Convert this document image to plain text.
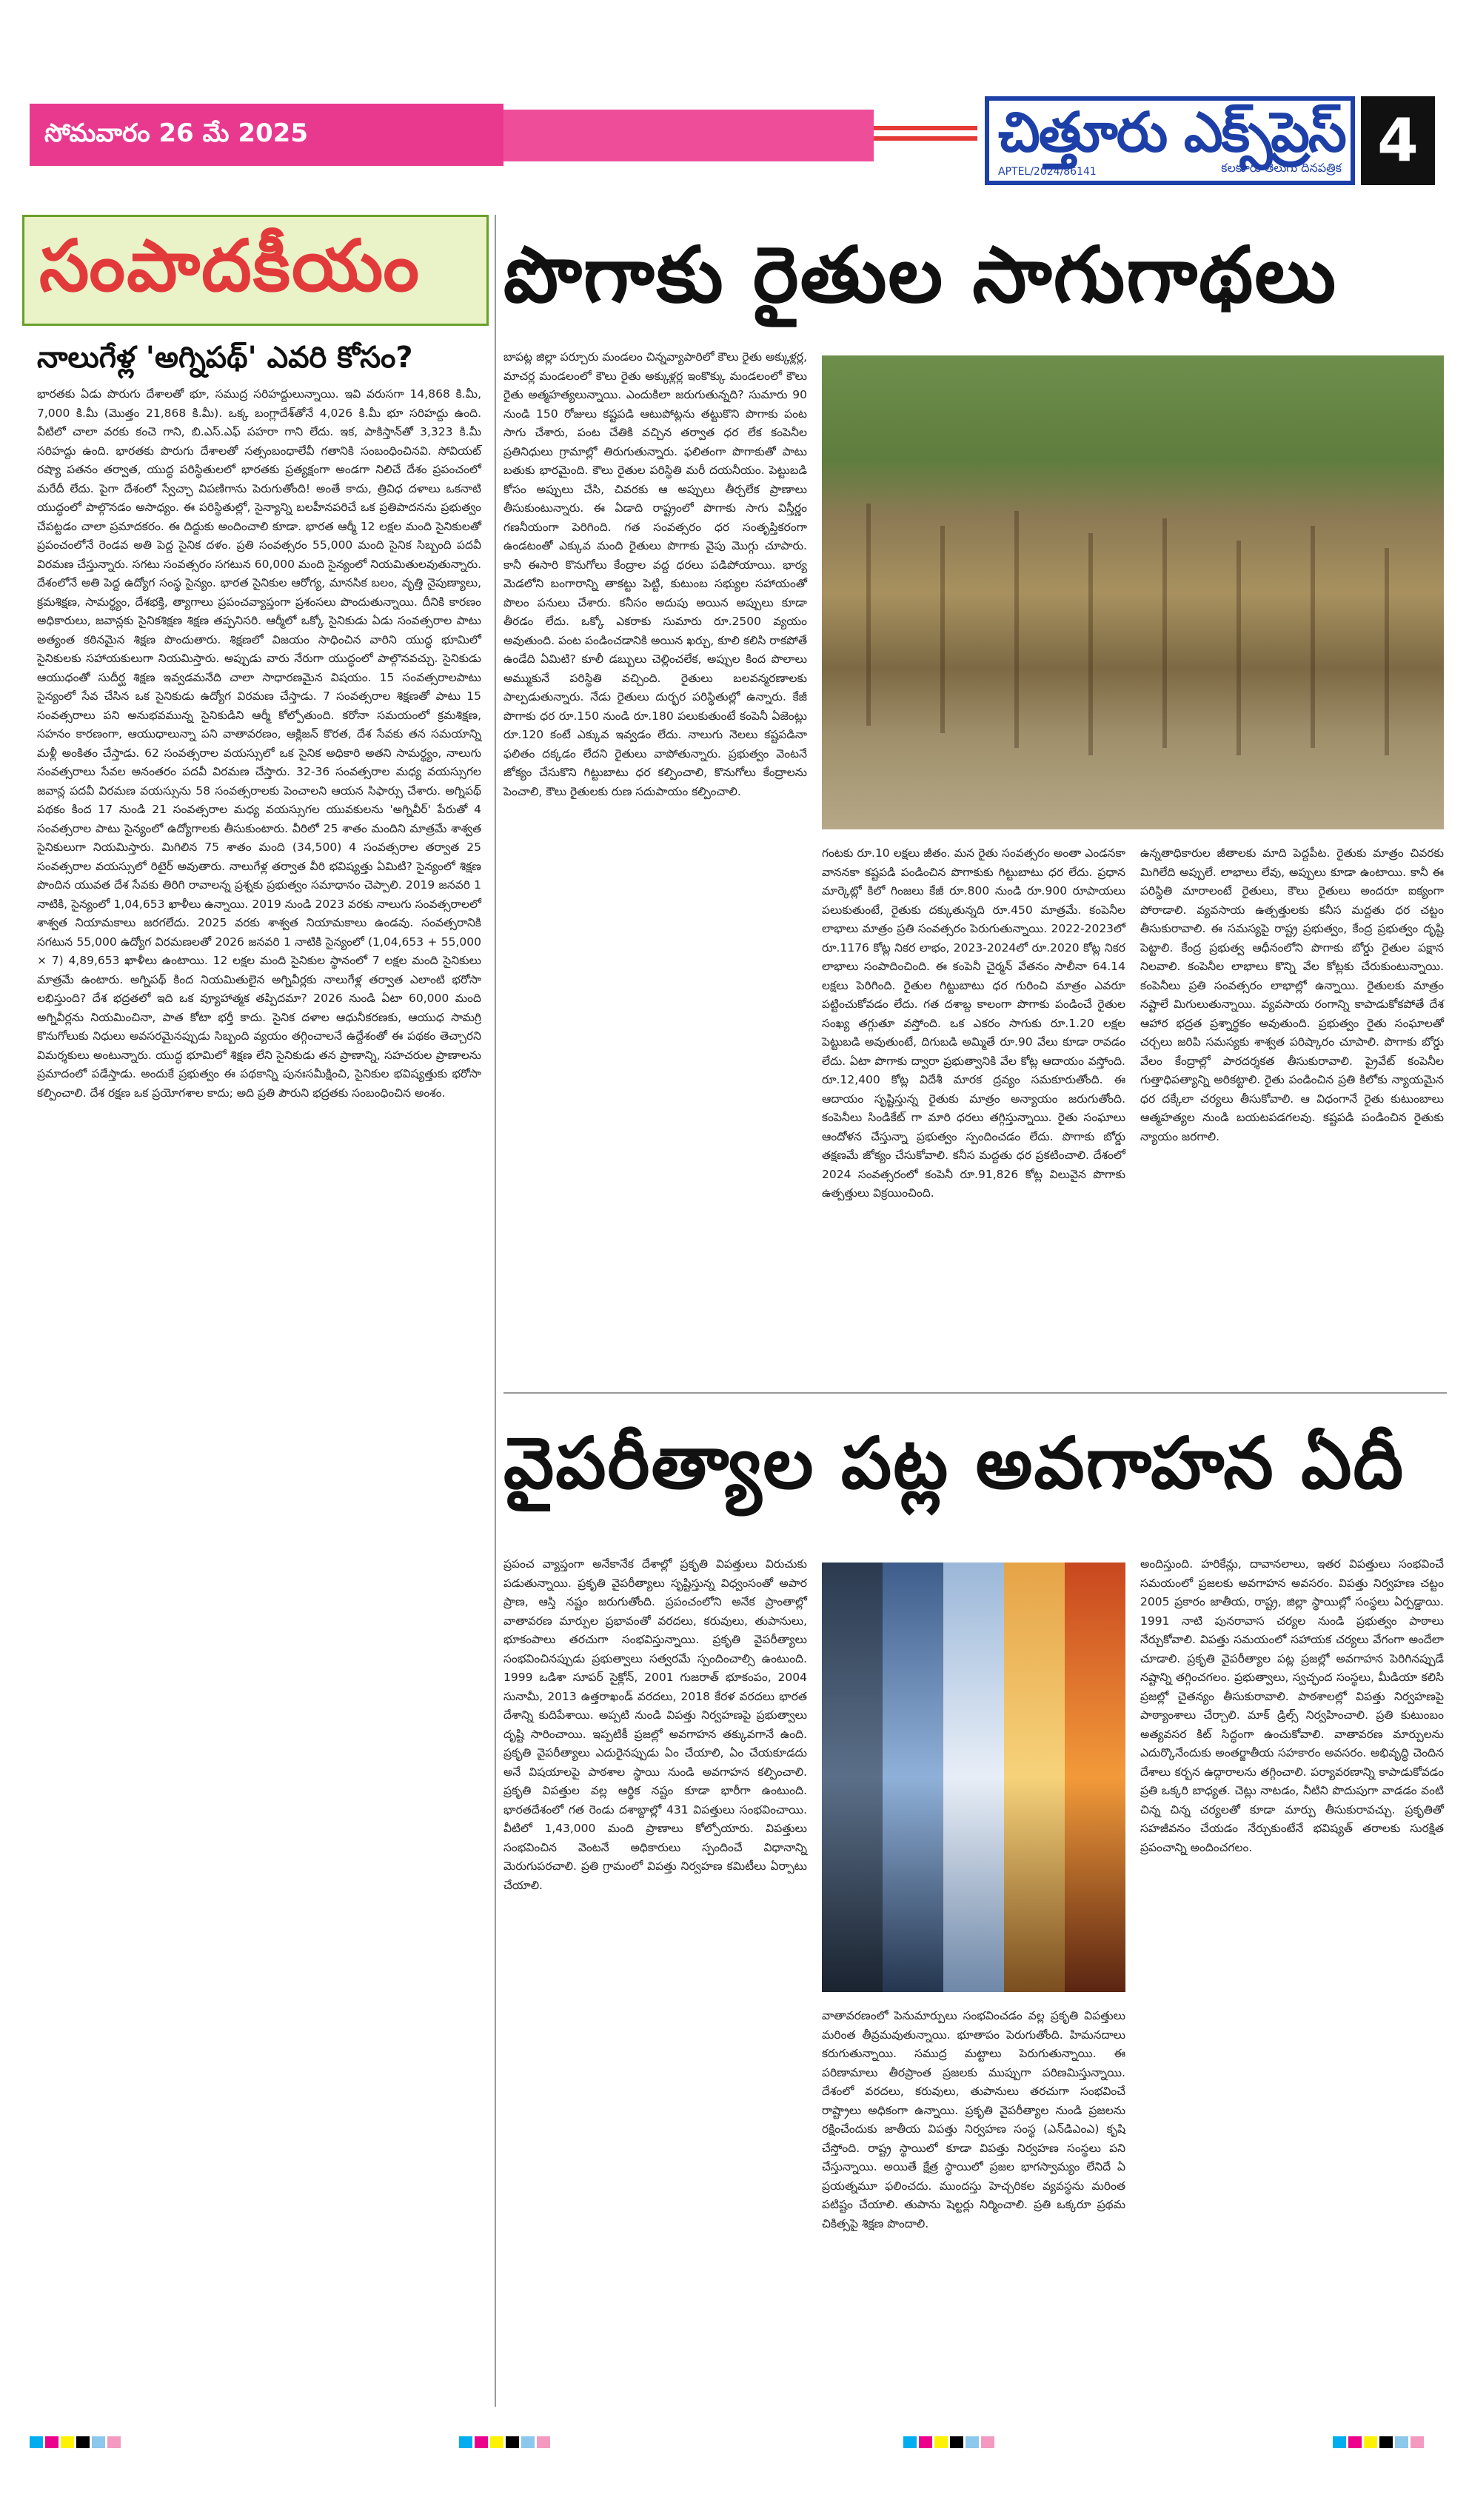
సోమవారం 26 మే 2025	చిత్తూరు ఎక్స్‌ప్రెస్
APTEL/2024/86141	కలకూరు తెలుగు దినపత్రిక 4
సంపాదకీయం
నాలుగేళ్ల 'అగ్నిపథ్' ఎవరి కోసం?
భారతకు ఏడు పొరుగు దేశాలతో భూ, సముద్ర సరిహద్దులున్నాయి. ఇవి వరుసగా 14,868 కి.మీ, 7,000 కి.మీ (మొత్తం 21,868 కి.మీ). ఒక్క బంగ్లాదేశ్‌తోనే 4,026 కి.మీ భూ సరిహద్దు ఉంది. వీటిలో చాలా వరకు కంచె గాని, బి.ఎస్.ఎఫ్ పహరా గాని లేదు. ఇక, పాకిస్తాన్‌తో 3,323 కి.మీ సరిహద్దు ఉంది. భారతకు పొరుగు దేశాలతో సత్సంబంధాలేవీ గతానికి సంబంధించినవి. సోవియట్ రష్యా పతనం తర్వాత, యుద్ధ పరిస్థితులలో భారతకు ప్రత్యక్షంగా అండగా నిలిచే దేశం ప్రపంచంలో మరేదీ లేదు. పైగా దేశంలో స్వేచ్ఛా విపణిగాను పెరుగుతోంది! అంతే కాదు, త్రివిధ దళాలు ఒకనాటి యుద్ధంలో పాల్గొనడం అసాధ్యం. ఈ పరిస్థితుల్లో, సైన్యాన్ని బలహీనపరిచే ఒక ప్రతిపాదనను ప్రభుత్వం చేపట్టడం చాలా ప్రమాదకరం. ఈ దిద్దుకు అందించాలి కూడా. భారత ఆర్మీ 12 లక్షల మంది సైనికులతో ప్రపంచంలోనే రెండవ అతి పెద్ద సైనిక దళం. ప్రతి సంవత్సరం 55,000 మంది సైనిక సిబ్బంది పదవీ విరమణ చేస్తున్నారు. సగటు సంవత్సరం సగటున 60,000 మంది సైన్యంలో నియమితులవుతున్నారు. దేశంలోనే అతి పెద్ద ఉద్యోగ సంస్థ సైన్యం. భారత సైనికుల ఆరోగ్య, మానసిక బలం, వృత్తి నైపుణ్యాలు, క్రమశిక్షణ, సామర్థ్యం, దేశభక్తి, త్యాగాలు ప్రపంచవ్యాప్తంగా ప్రశంసలు పొందుతున్నాయి. దీనికి కారణం అధికారులు, జవాన్లకు సైనికశిక్షణ శిక్షణ తప్పనిసరి. ఆర్మీలో ఒక్కో సైనికుడు ఏడు సంవత్సరాల పాటు అత్యంత కఠినమైన శిక్షణ పొందుతారు. శిక్షణలో విజయం సాధించిన వారిని యుద్ధ భూమిలో సైనికులకు సహాయకులుగా నియమిస్తారు. అప్పుడు వారు నేరుగా యుద్ధంలో పాల్గొనవచ్చు. సైనికుడు ఆయుధంతో సుదీర్ఘ శిక్షణ ఇవ్వడమనేది చాలా సాధారణమైన విషయం. 15 సంవత్సరాలపాటు సైన్యంలో సేవ చేసిన ఒక సైనికుడు ఉద్యోగ విరమణ చేస్తాడు. 7 సంవత్సరాల శిక్షణతో పాటు 15 సంవత్సరాలు పని అనుభవమున్న సైనికుడిని ఆర్మీ కోల్పోతుంది. కరోనా సమయంలో క్రమశిక్షణ, సహనం కారణంగా, ఆయుధాలున్నా పని వాతావరణం, ఆక్లిజన్ కొరత, దేశ సేవకు తన సమయాన్ని మళ్లీ అంకితం చేస్తాడు. 62 సంవత్సరాల వయస్సులో ఒక సైనిక అధికారి అతని సామర్థ్యం, నాలుగు సంవత్సరాలు సేవల అనంతరం పదవీ విరమణ చేస్తారు. 32-36 సంవత్సరాల మధ్య వయస్సుగల జవాన్ల పదవీ విరమణ వయస్సును 58 సంవత్సరాలకు పెంచాలని ఆయన సిఫార్సు చేశారు. అగ్నిపథ్ పథకం కింద 17 నుండి 21 సంవత్సరాల మధ్య వయస్సుగల యువకులను 'అగ్నివీర్' పేరుతో 4 సంవత్సరాల పాటు సైన్యంలో ఉద్యోగాలకు తీసుకుంటారు. వీరిలో 25 శాతం మందిని మాత్రమే శాశ్వత సైనికులుగా నియమిస్తారు. మిగిలిన 75 శాతం మంది (34,500) 4 సంవత్సరాల తర్వాత 25 సంవత్సరాల వయస్సులో రిటైర్ అవుతారు. నాలుగేళ్ల తర్వాత వీరి భవిష్యత్తు ఏమిటి? సైన్యంలో శిక్షణ పొందిన యువత దేశ సేవకు తిరిగి రావాలన్న ప్రశ్నకు ప్రభుత్వం సమాధానం చెప్పాలి. 2019 జనవరి 1 నాటికి, సైన్యంలో 1,04,653 ఖాళీలు ఉన్నాయి. 2019 నుండి 2023 వరకు నాలుగు సంవత్సరాలలో శాశ్వత నియామకాలు జరగలేదు. 2025 వరకు శాశ్వత నియామకాలు ఉండవు. సంవత్సరానికి సగటున 55,000 ఉద్యోగ విరమణలతో 2026 జనవరి 1 నాటికి సైన్యంలో (1,04,653 + 55,000 × 7) 4,89,653 ఖాళీలు ఉంటాయి. 12 లక్షల మంది సైనికుల స్థానంలో 7 లక్షల మంది సైనికులు మాత్రమే ఉంటారు. అగ్నిపథ్ కింద నియమితులైన అగ్నివీర్లకు నాలుగేళ్ల తర్వాత ఎలాంటి భరోసా లభిస్తుంది? దేశ భద్రతలో ఇది ఒక వ్యూహాత్మక తప్పిదమా? 2026 నుండి ఏటా 60,000 మంది అగ్నివీర్లను నియమించినా, పాత కోటా భర్తీ కాదు. సైనిక దళాల ఆధునీకరణకు, ఆయుధ సామగ్రి కొనుగోలుకు నిధులు అవసరమైనప్పుడు సిబ్బంది వ్యయం తగ్గించాలనే ఉద్దేశంతో ఈ పథకం తెచ్చారని విమర్శకులు అంటున్నారు. యుద్ధ భూమిలో శిక్షణ లేని సైనికుడు తన ప్రాణాన్ని, సహచరుల ప్రాణాలను ప్రమాదంలో పడేస్తాడు. అందుకే ప్రభుత్వం ఈ పథకాన్ని పునఃసమీక్షించి, సైనికుల భవిష్యత్తుకు భరోసా కల్పించాలి. దేశ రక్షణ ఒక ప్రయోగశాల కాదు; అది ప్రతి పౌరుని భద్రతకు సంబంధించిన అంశం.
పొగాకు రైతుల సాగుగాథలు
బాపట్ల జిల్లా పర్చూరు మండలం చిన్నవ్యాపారిలో కౌలు రైతు అక్కుళ్లర్ల, మాచర్ల మండలంలో కౌలు రైతు అక్కుళ్లర్ల ఇంకొక్కు మండలంలో కౌలు రైతు అత్మహత్యలున్నాయి. ఎందుకిలా జరుగుతున్నది? సుమారు 90 నుండి 150 రోజులు కష్టపడి ఆటుపోట్లను తట్టుకొని పొగాకు పంట సాగు చేశారు, పంట చేతికి వచ్చిన తర్వాత ధర లేక కంపెనీల ప్రతినిధులు గ్రామాల్లో తిరుగుతున్నారు. ఫలితంగా పొగాకుతో పాటు బతుకు భారమైంది. కౌలు రైతుల పరిస్థితి మరీ దయనీయం. పెట్టుబడి కోసం అప్పులు చేసి, చివరకు ఆ అప్పులు తీర్చలేక ప్రాణాలు తీసుకుంటున్నారు. ఈ ఏడాది రాష్ట్రంలో పొగాకు సాగు విస్తీర్ణం గణనీయంగా పెరిగింది. గత సంవత్సరం ధర సంతృప్తికరంగా ఉండటంతో ఎక్కువ మంది రైతులు పొగాకు వైపు మొగ్గు చూపారు. కానీ ఈసారి కొనుగోలు కేంద్రాల వద్ద ధరలు పడిపోయాయి. భార్య మెడలోని బంగారాన్ని తాకట్టు పెట్టి, కుటుంబ సభ్యుల సహాయంతో పొలం పనులు చేశారు. కనీసం అదుపు అయిన అప్పులు కూడా తీరడం లేదు. ఒక్కో ఎకరాకు సుమారు రూ.2500 వ్యయం అవుతుంది. పంట పండించడానికి అయిన ఖర్చు, కూలి కలిసి రాకపోతే ఉండేది ఏమిటి? కూలీ డబ్బులు చెల్లించలేక, అప్పుల కింద పొలాలు అమ్ముకునే పరిస్థితి వచ్చింది. రైతులు బలవన్మరణాలకు పాల్పడుతున్నారు. నేడు రైతులు దుర్భర పరిస్థితుల్లో ఉన్నారు. కేజీ పొగాకు ధర రూ.150 నుండి రూ.180 పలుకుతుంటే కంపెనీ ఏజెంట్లు రూ.120 కంటే ఎక్కువ ఇవ్వడం లేదు. నాలుగు నెలలు కష్టపడినా ఫలితం దక్కడం లేదని రైతులు వాపోతున్నారు. ప్రభుత్వం వెంటనే జోక్యం చేసుకొని గిట్టుబాటు ధర కల్పించాలి, కొనుగోలు కేంద్రాలను పెంచాలి, కౌలు రైతులకు రుణ సదుపాయం కల్పించాలి.
గంటకు రూ.10 లక్షలు జీతం. మన రైతు సంవత్సరం అంతా ఎండనకా వాననకా కష్టపడి పండించిన పొగాకుకు గిట్టుబాటు ధర లేదు. ప్రధాన మార్కెట్లో కిలో గింజలు కేజీ రూ.800 నుండి రూ.900 రూపాయలు పలుకుతుంటే, రైతుకు దక్కుతున్నది రూ.450 మాత్రమే. కంపెనీల లాభాలు మాత్రం ప్రతి సంవత్సరం పెరుగుతున్నాయి. 2022-2023లో రూ.1176 కోట్ల నికర లాభం, 2023-2024లో రూ.2020 కోట్ల నికర లాభాలు సంపాదించింది. ఈ కంపెనీ చైర్మన్ వేతనం సాలీనా 64.14 లక్షలు పెరిగింది. రైతుల గిట్టుబాటు ధర గురించి మాత్రం ఎవరూ పట్టించుకోవడం లేదు. గత దశాబ్ద కాలంగా పొగాకు పండించే రైతుల సంఖ్య తగ్గుతూ వస్తోంది. ఒక ఎకరం సాగుకు రూ.1.20 లక్షల పెట్టుబడి అవుతుంటే, దిగుబడి అమ్మితే రూ.90 వేలు కూడా రావడం లేదు. ఏటా పొగాకు ద్వారా ప్రభుత్వానికి వేల కోట్ల ఆదాయం వస్తోంది. రూ.12,400 కోట్ల విదేశీ మారక ద్రవ్యం సమకూరుతోంది. ఈ ఆదాయం సృష్టిస్తున్న రైతుకు మాత్రం అన్యాయం జరుగుతోంది. కంపెనీలు సిండికేట్ గా మారి ధరలు తగ్గిస్తున్నాయి. రైతు సంఘాలు ఆందోళన చేస్తున్నా ప్రభుత్వం స్పందించడం లేదు. పొగాకు బోర్డు తక్షణమే జోక్యం చేసుకోవాలి. కనీస మద్దతు ధర ప్రకటించాలి. దేశంలో 2024 సంవత్సరంలో కంపెనీ రూ.91,826 కోట్ల విలువైన పొగాకు ఉత్పత్తులు విక్రయించింది.
ఉన్నతాధికారుల జీతాలకు మాది పెద్దపీట. రైతుకు మాత్రం చివరకు మిగిలేది అప్పులే. లాభాలు లేవు, అప్పులు కూడా ఉంటాయి. కానీ ఈ పరిస్థితి మారాలంటే రైతులు, కౌలు రైతులు అందరూ ఐక్యంగా పోరాడాలి. వ్యవసాయ ఉత్పత్తులకు కనీస మద్దతు ధర చట్టం తీసుకురావాలి. ఈ సమస్యపై రాష్ట్ర ప్రభుత్వం, కేంద్ర ప్రభుత్వం దృష్టి పెట్టాలి. కేంద్ర ప్రభుత్వ ఆధీనంలోని పొగాకు బోర్డు రైతుల పక్షాన నిలవాలి. కంపెనీల లాభాలు కొన్ని వేల కోట్లకు చేరుకుంటున్నాయి. కంపెనీలు ప్రతి సంవత్సరం లాభాల్లో ఉన్నాయి. రైతులకు మాత్రం నష్టాలే మిగులుతున్నాయి. వ్యవసాయ రంగాన్ని కాపాడుకోకపోతే దేశ ఆహార భద్రత ప్రశ్నార్థకం అవుతుంది. ప్రభుత్వం రైతు సంఘాలతో చర్చలు జరిపి సమస్యకు శాశ్వత పరిష్కారం చూపాలి. పొగాకు బోర్డు వేలం కేంద్రాల్లో పారదర్శకత తీసుకురావాలి. ప్రైవేట్ కంపెనీల గుత్తాధిపత్యాన్ని అరికట్టాలి. రైతు పండించిన ప్రతి కిలోకు న్యాయమైన ధర దక్కేలా చర్యలు తీసుకోవాలి. ఆ విధంగానే రైతు కుటుంబాలు ఆత్మహత్యల నుండి బయటపడగలవు. కష్టపడి పండించిన రైతుకు న్యాయం జరగాలి.
వైపరీత్యాల పట్ల అవగాహన ఏదీ
ప్రపంచ వ్యాప్తంగా అనేకానేక దేశాల్లో ప్రకృతి విపత్తులు విరుచుకు పడుతున్నాయి. ప్రకృతి వైపరీత్యాలు సృష్టిస్తున్న విధ్వంసంతో అపార ప్రాణ, ఆస్తి నష్టం జరుగుతోంది. ప్రపంచంలోని అనేక ప్రాంతాల్లో వాతావరణ మార్పుల ప్రభావంతో వరదలు, కరువులు, తుపానులు, భూకంపాలు తరచుగా సంభవిస్తున్నాయి. ప్రకృతి వైపరీత్యాలు సంభవించినప్పుడు ప్రభుత్వాలు సత్వరమే స్పందించాల్సి ఉంటుంది. 1999 ఒడిశా సూపర్ సైక్లోన్, 2001 గుజరాత్ భూకంపం, 2004 సునామీ, 2013 ఉత్తరాఖండ్ వరదలు, 2018 కేరళ వరదలు భారత దేశాన్ని కుదిపేశాయి. అప్పటి నుండి విపత్తు నిర్వహణపై ప్రభుత్వాలు దృష్టి సారించాయి. ఇప్పటికీ ప్రజల్లో అవగాహన తక్కువగానే ఉంది. ప్రకృతి వైపరీత్యాలు ఎదురైనప్పుడు ఏం చేయాలి, ఏం చేయకూడదు అనే విషయాలపై పాఠశాల స్థాయి నుండి అవగాహన కల్పించాలి. ప్రకృతి విపత్తుల వల్ల ఆర్థిక నష్టం కూడా భారీగా ఉంటుంది. భారతదేశంలో గత రెండు దశాబ్దాల్లో 431 విపత్తులు సంభవించాయి. వీటిలో 1,43,000 మంది ప్రాణాలు కోల్పోయారు. విపత్తులు సంభవించిన వెంటనే అధికారులు స్పందించే విధానాన్ని మెరుగుపరచాలి. ప్రతి గ్రామంలో విపత్తు నిర్వహణ కమిటీలు ఏర్పాటు చేయాలి.
వాతావరణంలో పెనుమార్పులు సంభవించడం వల్ల ప్రకృతి విపత్తులు మరింత తీవ్రమవుతున్నాయి. భూతాపం పెరుగుతోంది. హిమనదాలు కరుగుతున్నాయి. సముద్ర మట్టాలు పెరుగుతున్నాయి. ఈ పరిణామాలు తీరప్రాంత ప్రజలకు ముప్పుగా పరిణమిస్తున్నాయి. దేశంలో వరదలు, కరువులు, తుపానులు తరచుగా సంభవించే రాష్ట్రాలు అధికంగా ఉన్నాయి. ప్రకృతి వైపరీత్యాల నుండి ప్రజలను రక్షించేందుకు జాతీయ విపత్తు నిర్వహణ సంస్థ (ఎన్‌డిఎంఎ) కృషి చేస్తోంది. రాష్ట్ర స్థాయిలో కూడా విపత్తు నిర్వహణ సంస్థలు పని చేస్తున్నాయి. అయితే క్షేత్ర స్థాయిలో ప్రజల భాగస్వామ్యం లేనిదే ఏ ప్రయత్నమూ ఫలించదు. ముందస్తు హెచ్చరికల వ్యవస్థను మరింత పటిష్టం చేయాలి. తుపాను షెల్టర్లు నిర్మించాలి. ప్రతి ఒక్కరూ ప్రథమ చికిత్సపై శిక్షణ పొందాలి.
అందిస్తుంది. హరికేన్లు, దావానలాలు, ఇతర విపత్తులు సంభవించే సమయంలో ప్రజలకు అవగాహన అవసరం. విపత్తు నిర్వహణ చట్టం 2005 ప్రకారం జాతీయ, రాష్ట్ర, జిల్లా స్థాయిల్లో సంస్థలు ఏర్పడ్డాయి. 1991 నాటి పునరావాస చర్యల నుండి ప్రభుత్వం పాఠాలు నేర్చుకోవాలి. విపత్తు సమయంలో సహాయక చర్యలు వేగంగా అందేలా చూడాలి. ప్రకృతి వైపరీత్యాల పట్ల ప్రజల్లో అవగాహన పెరిగినప్పుడే నష్టాన్ని తగ్గించగలం. ప్రభుత్వాలు, స్వచ్ఛంద సంస్థలు, మీడియా కలిసి ప్రజల్లో చైతన్యం తీసుకురావాలి. పాఠశాలల్లో విపత్తు నిర్వహణపై పాఠ్యాంశాలు చేర్చాలి. మాక్ డ్రిల్స్ నిర్వహించాలి. ప్రతి కుటుంబం అత్యవసర కిట్ సిద్ధంగా ఉంచుకోవాలి. వాతావరణ మార్పులను ఎదుర్కొనేందుకు అంతర్జాతీయ సహకారం అవసరం. అభివృద్ధి చెందిన దేశాలు కర్బన ఉద్గారాలను తగ్గించాలి. పర్యావరణాన్ని కాపాడుకోవడం ప్రతి ఒక్కరి బాధ్యత. చెట్లు నాటడం, నీటిని పొదుపుగా వాడడం వంటి చిన్న చిన్న చర్యలతో కూడా మార్పు తీసుకురావచ్చు. ప్రకృతితో సహజీవనం చేయడం నేర్చుకుంటేనే భవిష్యత్ తరాలకు సురక్షిత ప్రపంచాన్ని అందించగలం.
